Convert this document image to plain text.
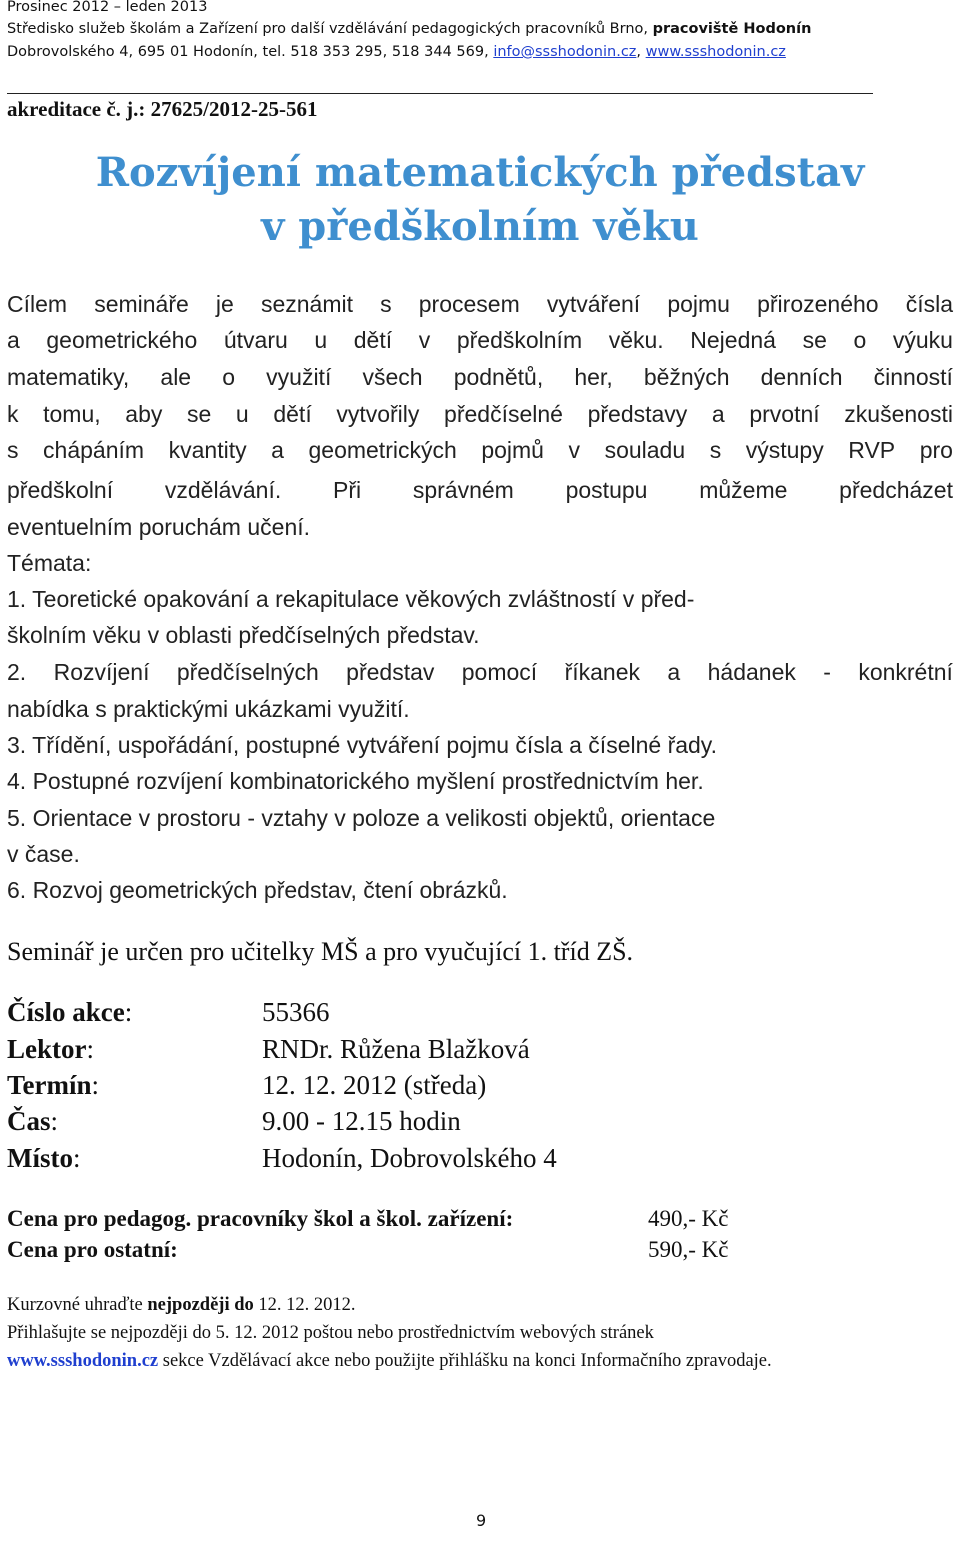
Prosinec 2012 – leden 2013
Středisko služeb školám a Zařízení pro další vzdělávání pedagogických pracovníků Brno, pracoviště Hodonín
Dobrovolského 4, 695 01 Hodonín, tel. 518 353 295, 518 344 569, info@ssshodonin.cz, www.ssshodonin.cz
akreditace č. j.: 27625/2012-25-561
Rozvíjení matematických představ
v předškolním věku
Cílem semináře je seznámit s procesem vytváření pojmu přirozeného čísla
a geometrického útvaru u dětí v předškolním věku. Nejedná se o výuku
matematiky, ale o využití všech podnětů, her, běžných denních činností
k tomu, aby se u dětí vytvořily předčíselné představy a prvotní zkušenosti
s chápáním kvantity a geometrických pojmů v souladu s výstupy RVP pro
předškolní vzdělávání. Při správném postupu můžeme předcházet
eventuelním poruchám učení.
Témata:
1. Teoretické opakování a rekapitulace věkových zvláštností v před-
školním věku v oblasti předčíselných představ.
2. Rozvíjení předčíselných představ pomocí říkanek a hádanek - konkrétní
nabídka s praktickými ukázkami využití.
3. Třídění, uspořádání, postupné vytváření pojmu čísla a číselné řady.
4. Postupné rozvíjení kombinatorického myšlení prostřednictvím her.
5. Orientace v prostoru - vztahy v poloze a velikosti objektů, orientace
v čase.
6. Rozvoj geometrických představ, čtení obrázků.
Seminář je určen pro učitelky MŠ a pro vyučující 1. tříd ZŠ.
Číslo akce:	55366
Lektor:	RNDr. Růžena Blažková
Termín:	12. 12. 2012 (středa)
Čas:	9.00 - 12.15 hodin
Místo:	Hodonín, Dobrovolského 4
Cena pro pedagog. pracovníky škol a škol. zařízení:	490,- Kč
Cena pro ostatní:	590,- Kč
Kurzovné uhraďte nejpozději do 12. 12. 2012.
Přihlašujte se nejpozději do 5. 12. 2012 poštou nebo prostřednictvím webových stránek
www.ssshodonin.cz sekce Vzdělávací akce nebo použijte přihlášku na konci Informačního zpravodaje.
9
